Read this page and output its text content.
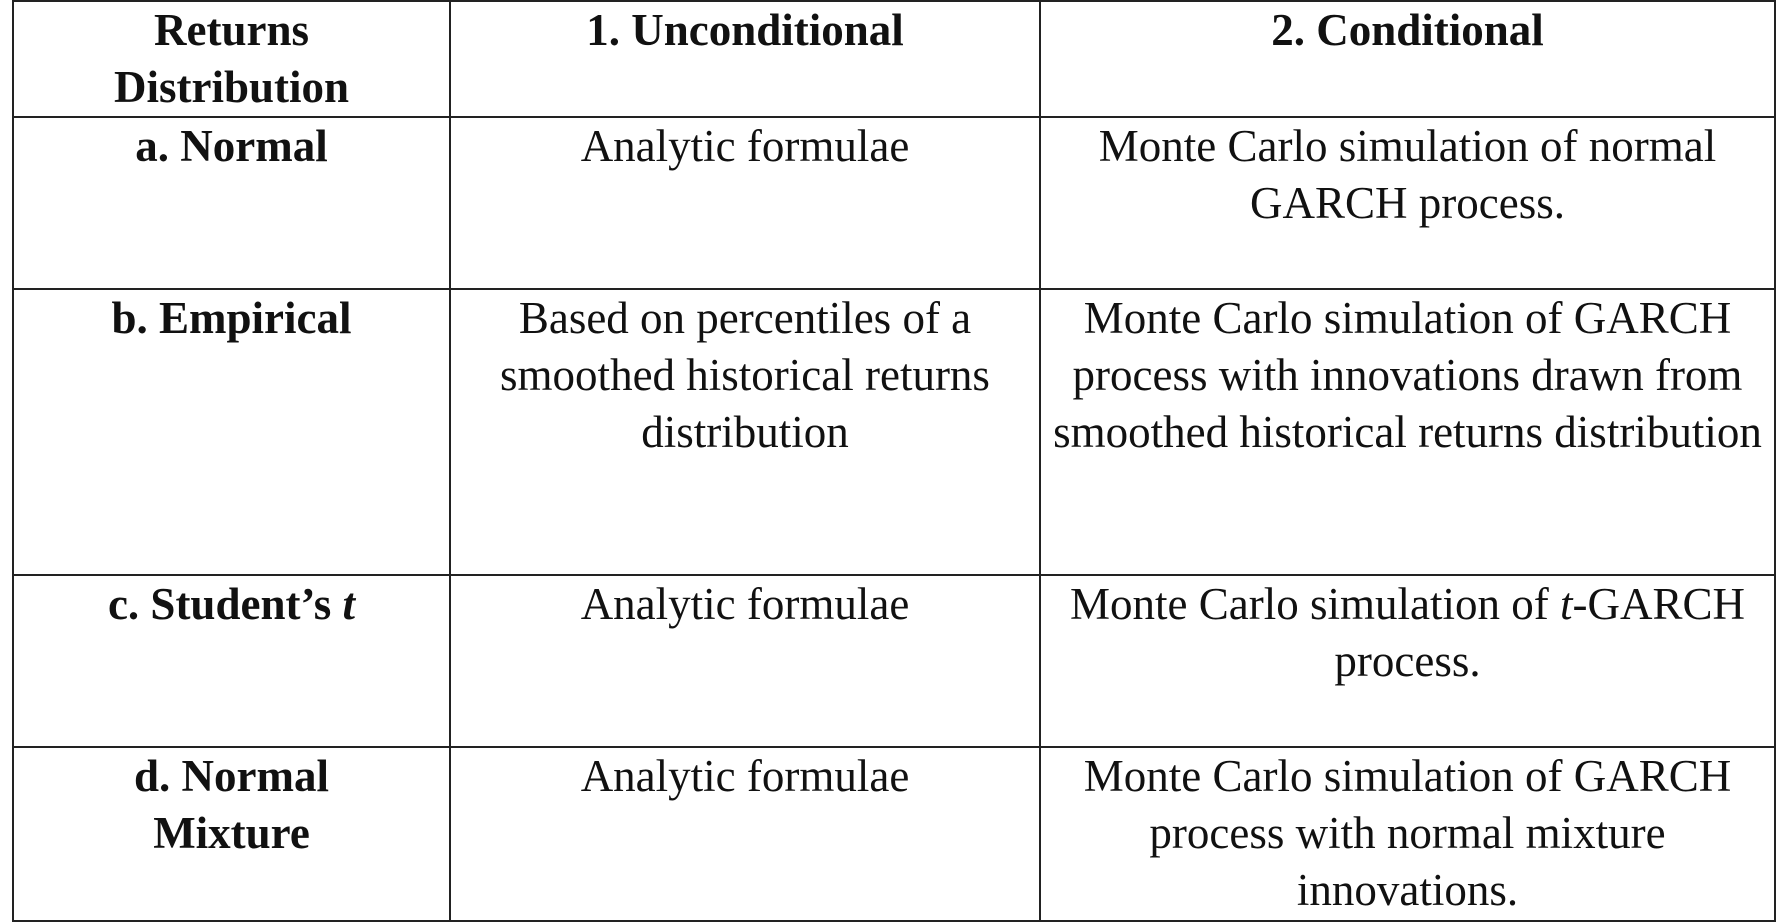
Returns Distribution	1. Unconditional	2. Conditional

a. Normal	Analytic formulae	Monte Carlo simulation of normal GARCH process.

b. Empirical	Based on percentiles of a smoothed historical returns distribution	Monte Carlo simulation of GARCH process with innovations drawn from smoothed historical returns distribution

c. Student’s t	Analytic formulae	Monte Carlo simulation of t-GARCH process.

d. Normal Mixture	Analytic formulae	Monte Carlo simulation of GARCH process with normal mixture innovations.
